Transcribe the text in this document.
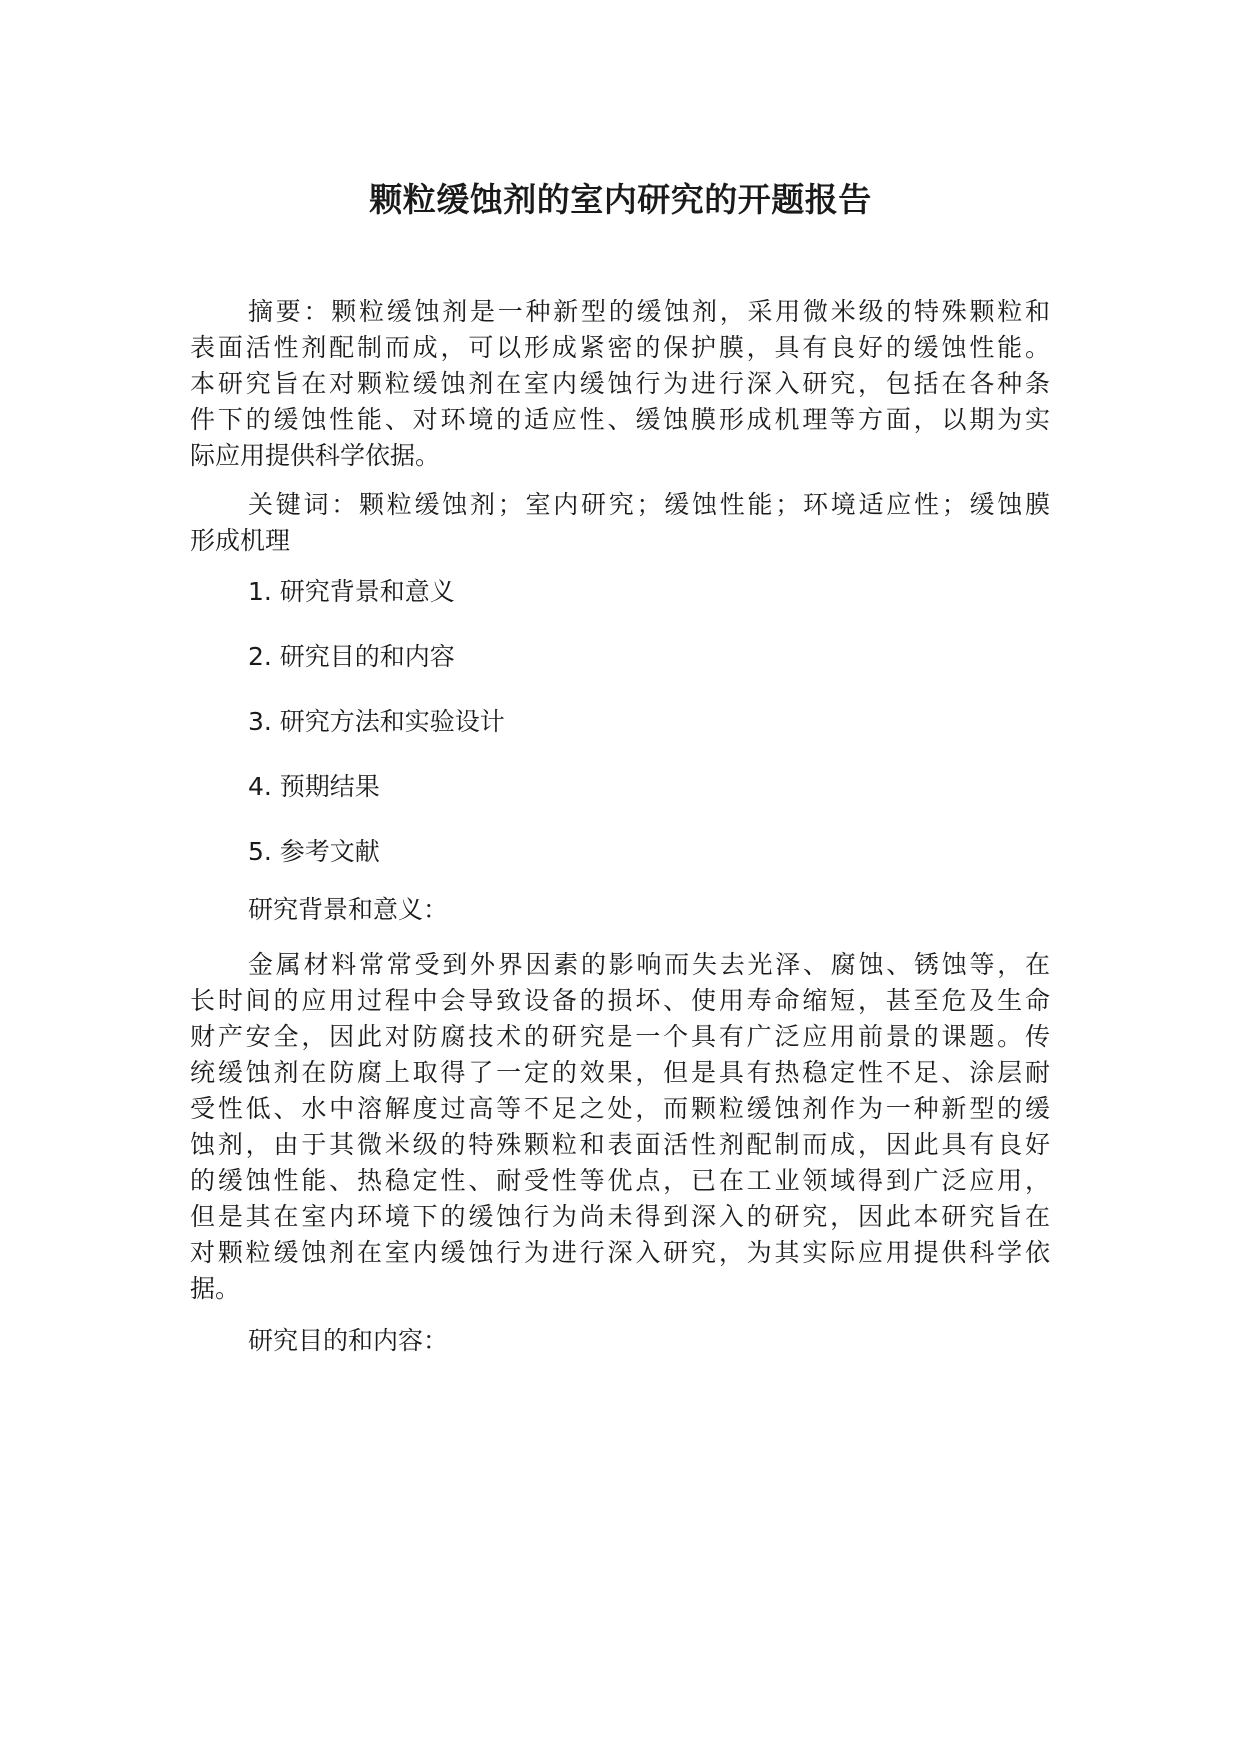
颗粒缓蚀剂的室内研究的开题报告
摘要：颗粒缓蚀剂是一种新型的缓蚀剂，采用微米级的特殊颗粒和
表面活性剂配制而成，可以形成紧密的保护膜，具有良好的缓蚀性能。
本研究旨在对颗粒缓蚀剂在室内缓蚀行为进行深入研究，包括在各种条
件下的缓蚀性能、对环境的适应性、缓蚀膜形成机理等方面，以期为实
际应用提供科学依据。
关键词：颗粒缓蚀剂；室内研究；缓蚀性能；环境适应性；缓蚀膜
形成机理

1. 研究背景和意义

2. 研究目的和内容

3. 研究方法和实验设计

4. 预期结果

5. 参考文献

研究背景和意义：

金属材料常常受到外界因素的影响而失去光泽、腐蚀、锈蚀等，在
长时间的应用过程中会导致设备的损坏、使用寿命缩短，甚至危及生命
财产安全，因此对防腐技术的研究是一个具有广泛应用前景的课题。传
统缓蚀剂在防腐上取得了一定的效果，但是具有热稳定性不足、涂层耐
受性低、水中溶解度过高等不足之处，而颗粒缓蚀剂作为一种新型的缓
蚀剂，由于其微米级的特殊颗粒和表面活性剂配制而成，因此具有良好
的缓蚀性能、热稳定性、耐受性等优点，已在工业领域得到广泛应用，
但是其在室内环境下的缓蚀行为尚未得到深入的研究，因此本研究旨在
对颗粒缓蚀剂在室内缓蚀行为进行深入研究，为其实际应用提供科学依
据。

研究目的和内容：
